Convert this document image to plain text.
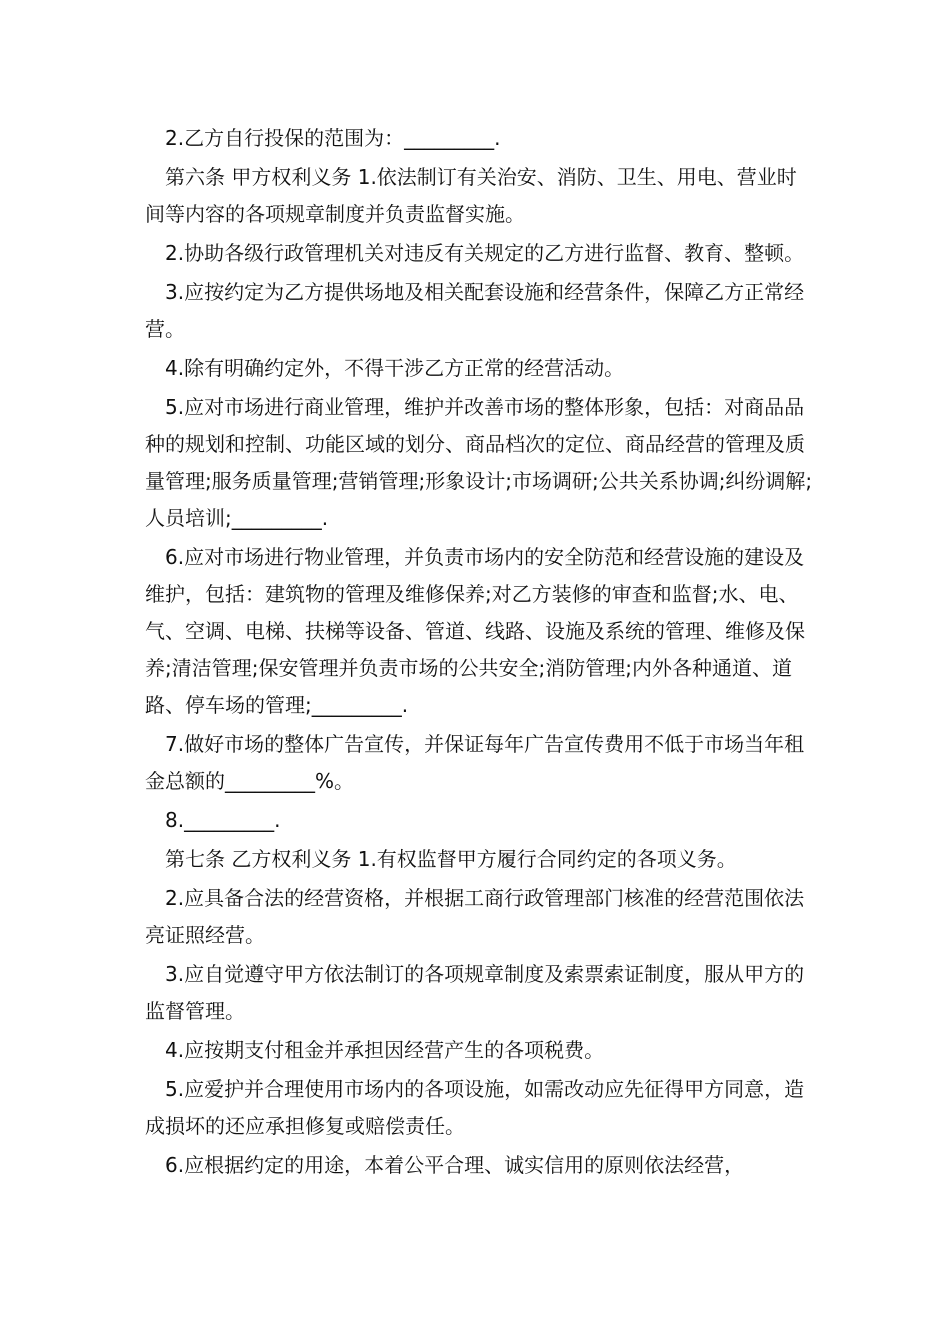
2.乙方自行投保的范围为：_________.

第六条 甲方权利义务 1.依法制订有关治安、消防、卫生、用电、营业时间等内容的各项规章制度并负责监督实施。

2.协助各级行政管理机关对违反有关规定的乙方进行监督、教育、整顿。

3.应按约定为乙方提供场地及相关配套设施和经营条件，保障乙方正常经营。

4.除有明确约定外，不得干涉乙方正常的经营活动。

5.应对市场进行商业管理，维护并改善市场的整体形象，包括：对商品品种的规划和控制、功能区域的划分、商品档次的定位、商品经营的管理及质量管理;服务质量管理;营销管理;形象设计;市场调研;公共关系协调;纠纷调解;人员培训;_________.

6.应对市场进行物业管理，并负责市场内的安全防范和经营设施的建设及维护，包括：建筑物的管理及维修保养;对乙方装修的审查和监督;水、电、气、空调、电梯、扶梯等设备、管道、线路、设施及系统的管理、维修及保养;清洁管理;保安管理并负责市场的公共安全;消防管理;内外各种通道、道路、停车场的管理;_________.

7.做好市场的整体广告宣传，并保证每年广告宣传费用不低于市场当年租金总额的_________%。

8._________.

第七条 乙方权利义务 1.有权监督甲方履行合同约定的各项义务。

2.应具备合法的经营资格，并根据工商行政管理部门核准的经营范围依法亮证照经营。

3.应自觉遵守甲方依法制订的各项规章制度及索票索证制度，服从甲方的监督管理。

4.应按期支付租金并承担因经营产生的各项税费。

5.应爱护并合理使用市场内的各项设施，如需改动应先征得甲方同意，造成损坏的还应承担修复或赔偿责任。

6.应根据约定的用途，本着公平合理、诚实信用的原则依法经营，
